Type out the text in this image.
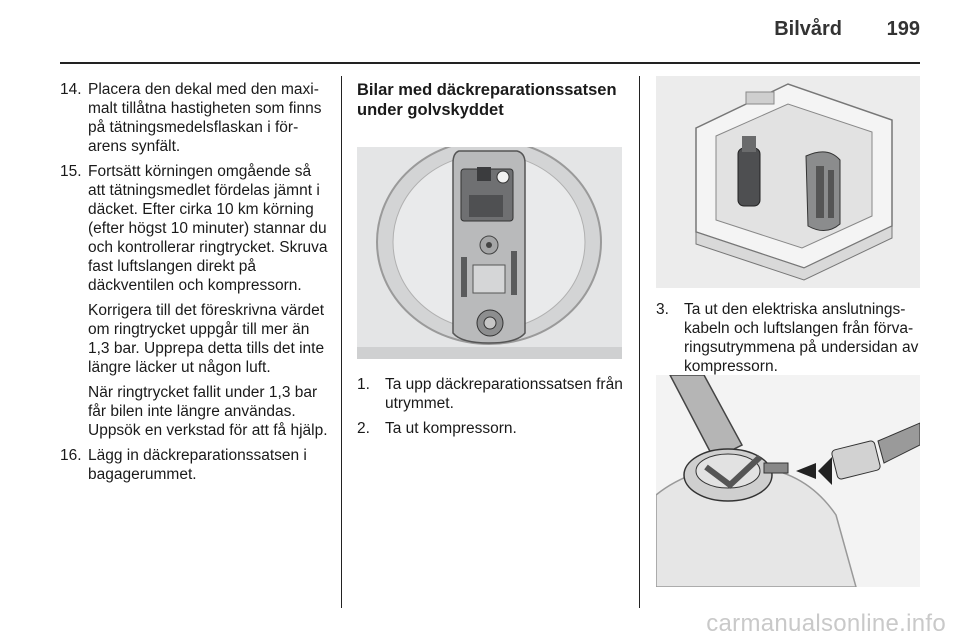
Bilvård 199
14. Placera den dekal med den maximalt tillåtna hastigheten som finns på tätningsmedelsflaskan i förarens synfält.
15. Fortsätt körningen omgående så att tätningsmedlet fördelas jämnt i däcket. Efter cirka 10 km körning (efter högst 10 minuter) stannar du och kontrollerar ringtrycket. Skruva fast luftslangen direkt på däckventilen och kompressorn.
Korrigera till det föreskrivna värdet om ringtrycket uppgår till mer än 1,3 bar. Upprepa detta tills det inte längre läcker ut någon luft.
När ringtrycket fallit under 1,3 bar får bilen inte längre användas. Uppsök en verkstad för att få hjälp.
16. Lägg in däckreparationssatsen i bagagerummet.
Bilar med däckreparationssatsen under golvskyddet
1. Ta upp däckreparationssatsen från utrymmet.
2. Ta ut kompressorn.
3. Ta ut den elektriska anslutningskabeln och luftslangen från förvaringsutrymmena på undersidan av kompressorn.
carmanualsonline.info
